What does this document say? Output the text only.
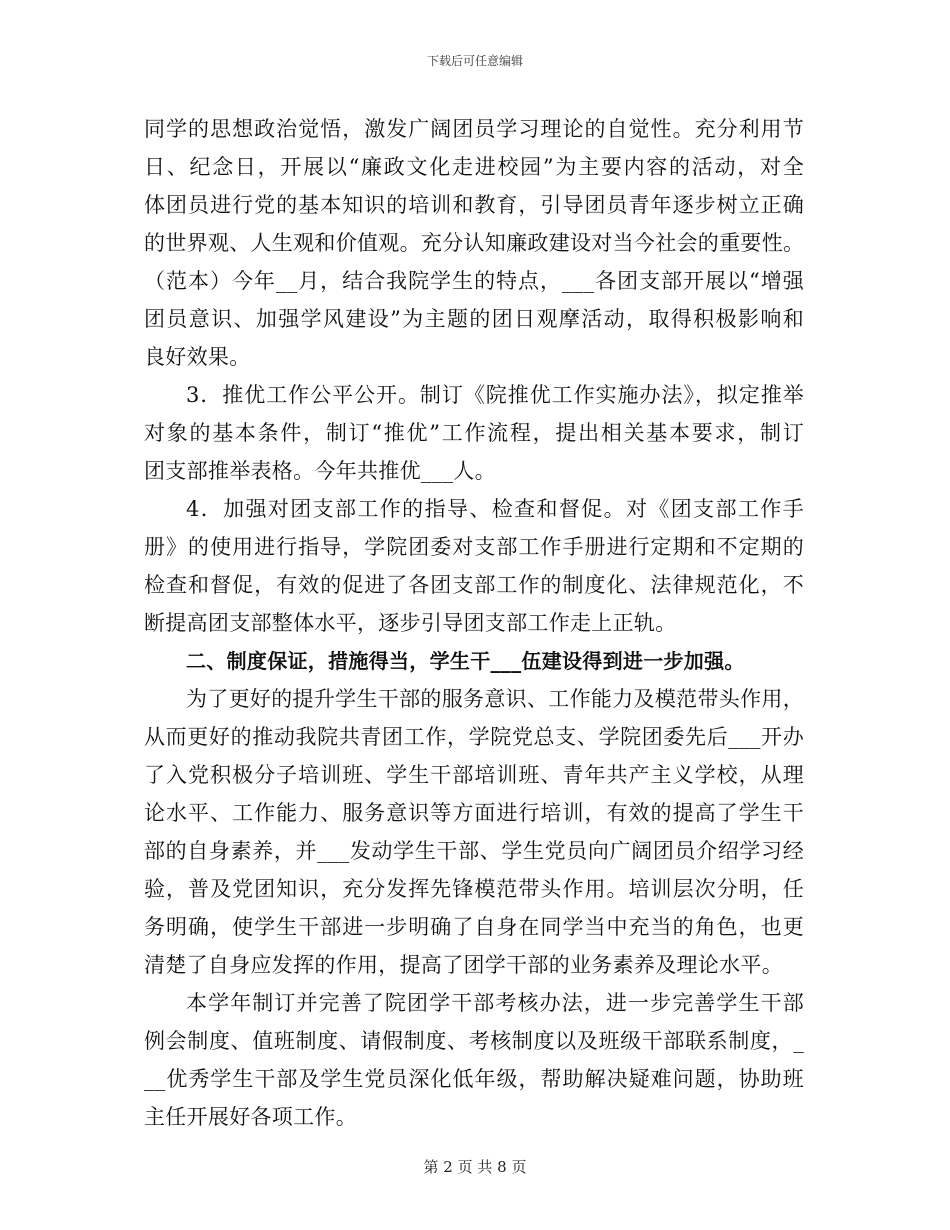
下载后可任意编辑
同学的思想政治觉悟，激发广阔团员学习理论的自觉性。充分利用节
日、纪念日，开展以“廉政文化走进校园”为主要内容的活动，对全
体团员进行党的基本知识的培训和教育，引导团员青年逐步树立正确
的世界观、人生观和价值观。充分认知廉政建设对当今社会的重要性。
（范本）今年__月，结合我院学生的特点，___各团支部开展以“增强
团员意识、加强学风建设”为主题的团日观摩活动，取得积极影响和
良好效果。
3．推优工作公平公开。制订《院推优工作实施办法》，拟定推举
对象的基本条件，制订“推优”工作流程，提出相关基本要求，制订
团支部推举表格。今年共推优___人。
4．加强对团支部工作的指导、检查和督促。对《团支部工作手
册》的使用进行指导，学院团委对支部工作手册进行定期和不定期的
检查和督促，有效的促进了各团支部工作的制度化、法律规范化，不
断提高团支部整体水平，逐步引导团支部工作走上正轨。
二、制度保证，措施得当，学生干___伍建设得到进一步加强。
为了更好的提升学生干部的服务意识、工作能力及模范带头作用，
从而更好的推动我院共青团工作，学院党总支、学院团委先后___开办
了入党积极分子培训班、学生干部培训班、青年共产主义学校，从理
论水平、工作能力、服务意识等方面进行培训，有效的提高了学生干
部的自身素养，并___发动学生干部、学生党员向广阔团员介绍学习经
验，普及党团知识，充分发挥先锋模范带头作用。培训层次分明，任
务明确，使学生干部进一步明确了自身在同学当中充当的角色，也更
清楚了自身应发挥的作用，提高了团学干部的业务素养及理论水平。
本学年制订并完善了院团学干部考核办法，进一步完善学生干部
例会制度、值班制度、请假制度、考核制度以及班级干部联系制度，_
__优秀学生干部及学生党员深化低年级，帮助解决疑难问题，协助班
主任开展好各项工作。
第 2 页 共 8 页
